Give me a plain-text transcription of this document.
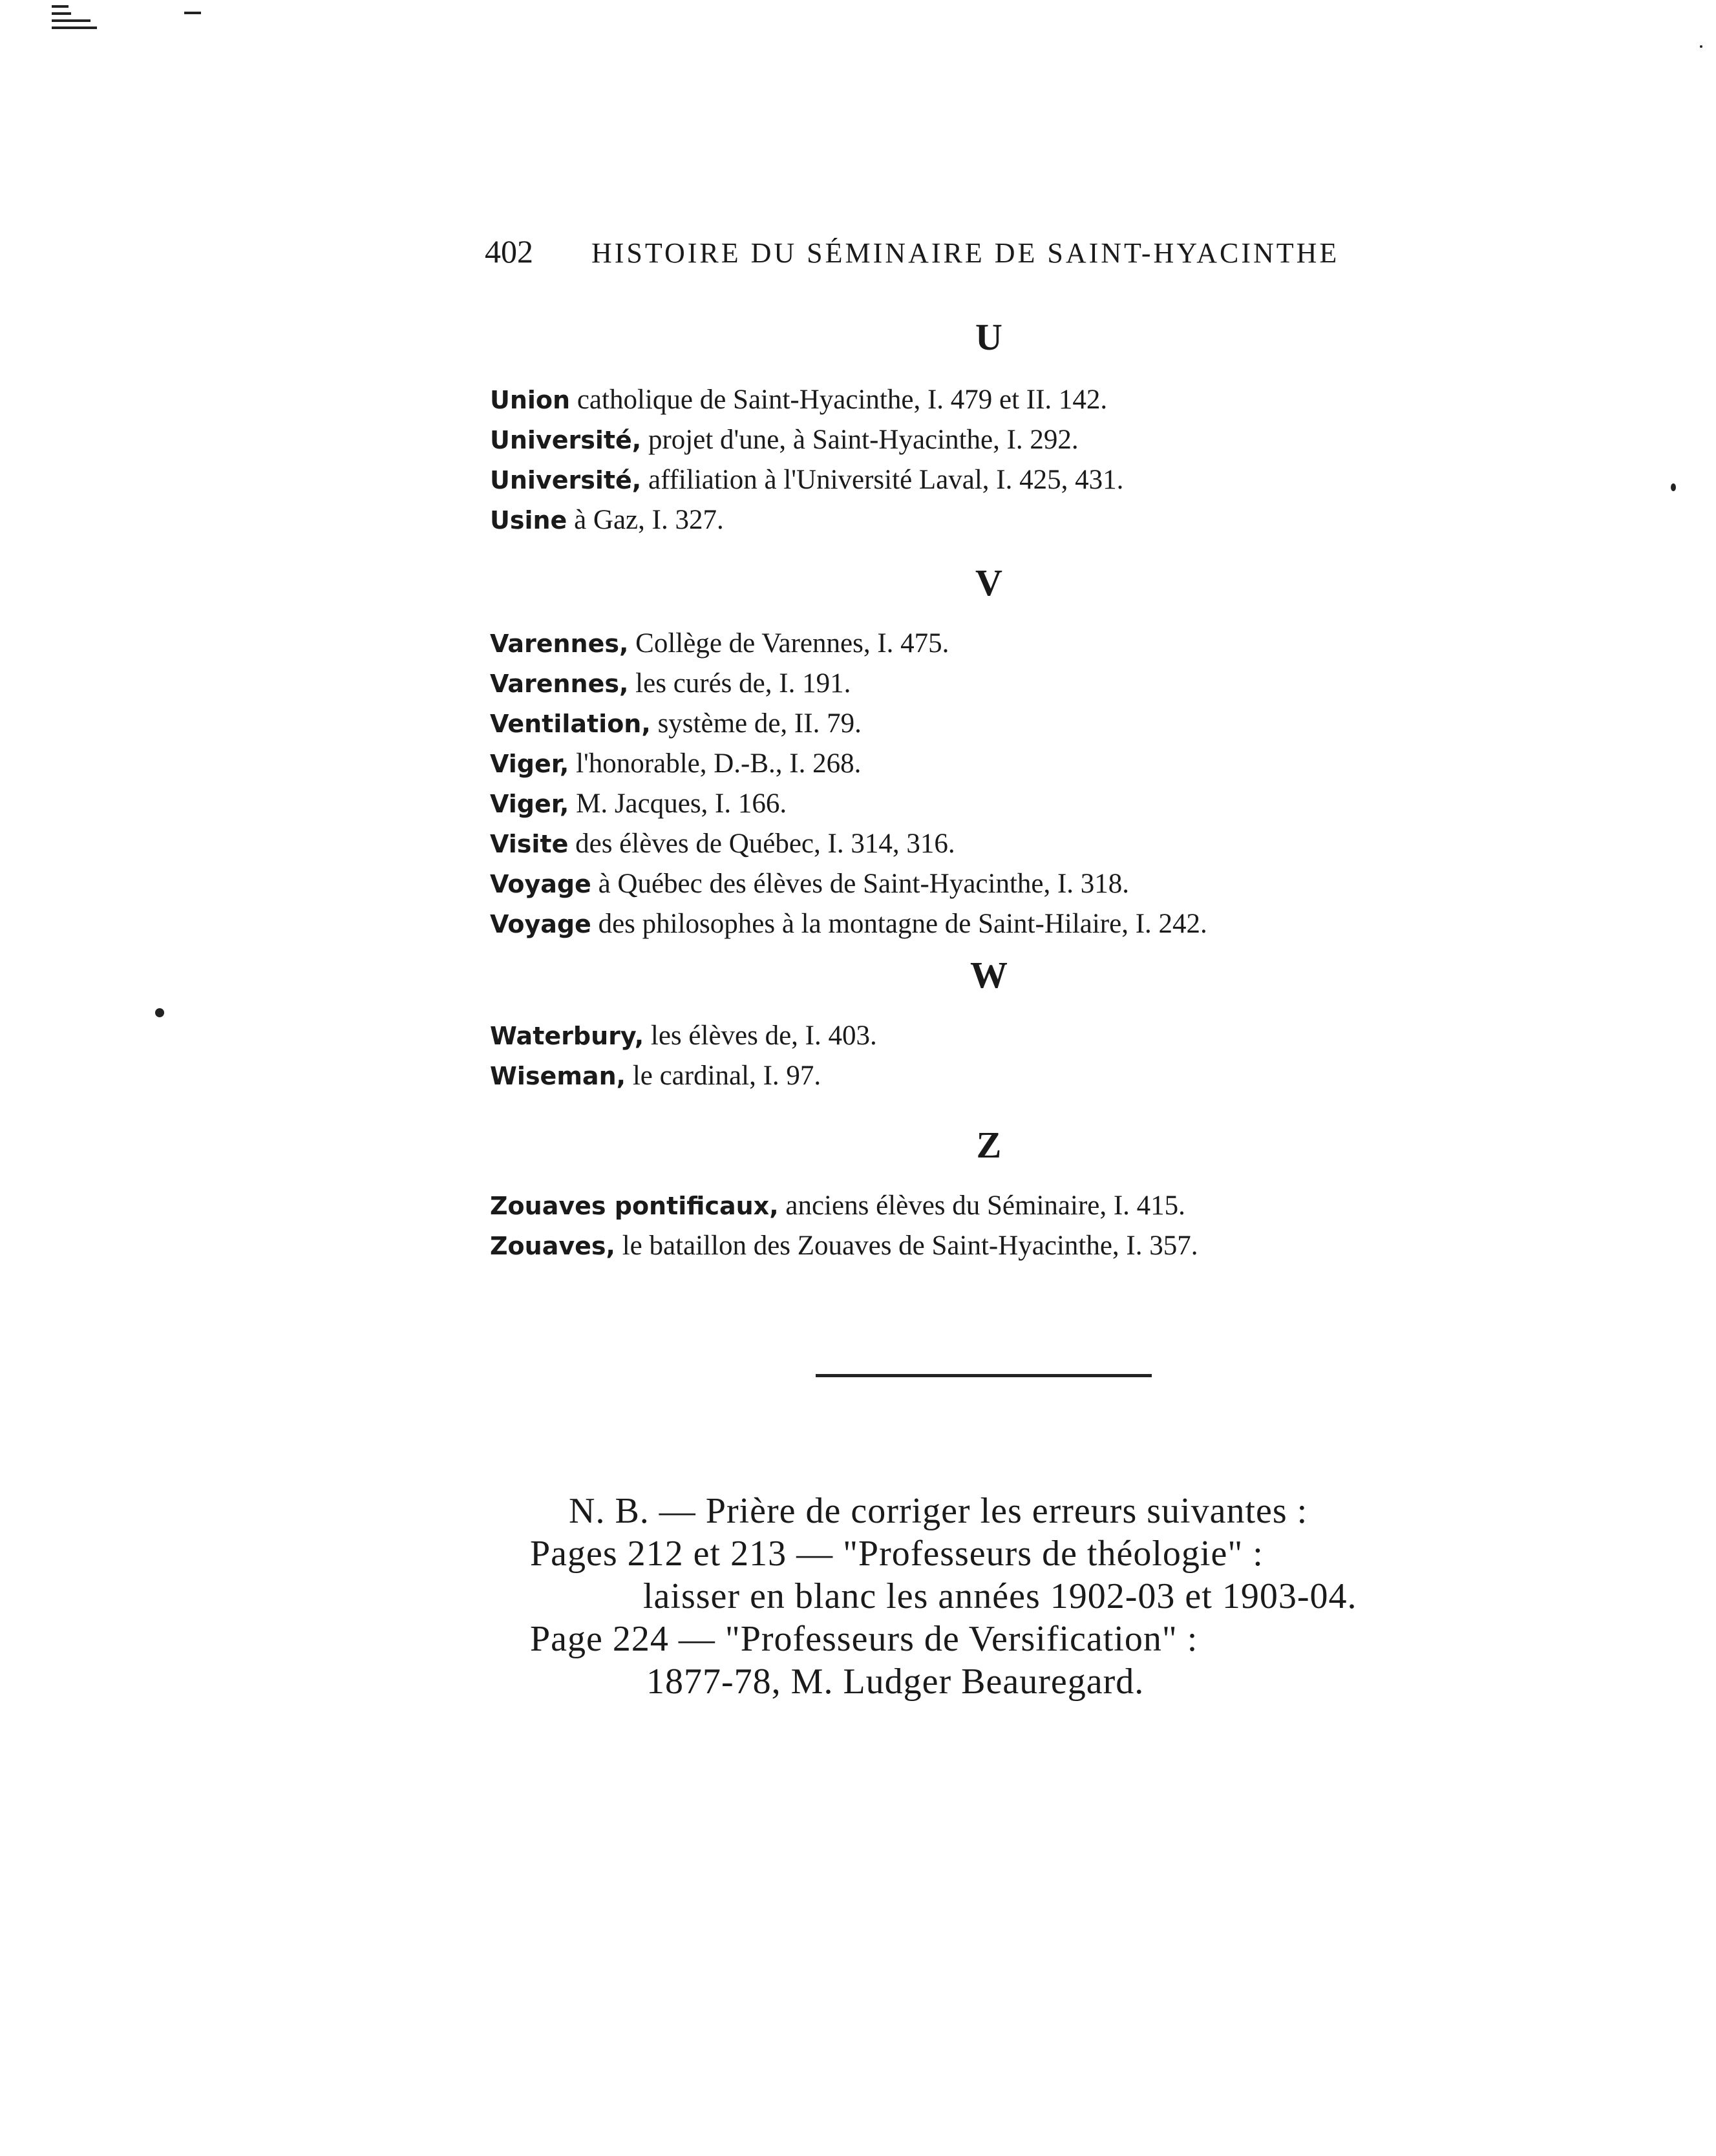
402 HISTOIRE DU SÉMINAIRE DE SAINT-HYACINTHE
U
Union catholique de Saint-Hyacinthe, I. 479 et II. 142.
Université, projet d'une, à Saint-Hyacinthe, I. 292.
Université, affiliation à l'Université Laval, I. 425, 431.
Usine à Gaz, I. 327.
V
Varennes, Collège de Varennes, I. 475.
Varennes, les curés de, I. 191.
Ventilation, système de, II. 79.
Viger, l'honorable, D.-B., I. 268.
Viger, M. Jacques, I. 166.
Visite des élèves de Québec, I. 314, 316.
Voyage à Québec des élèves de Saint-Hyacinthe, I. 318.
Voyage des philosophes à la montagne de Saint-Hilaire, I. 242.
W
Waterbury, les élèves de, I. 403.
Wiseman, le cardinal, I. 97.
Z
Zouaves pontificaux, anciens élèves du Séminaire, I. 415.
Zouaves, le bataillon des Zouaves de Saint-Hyacinthe, I. 357.
N. B. — Prière de corriger les erreurs suivantes :
Pages 212 et 213 — "Professeurs de théologie" :
laisser en blanc les années 1902-03 et 1903-04.
Page 224 — "Professeurs de Versification" :
1877-78, M. Ludger Beauregard.
